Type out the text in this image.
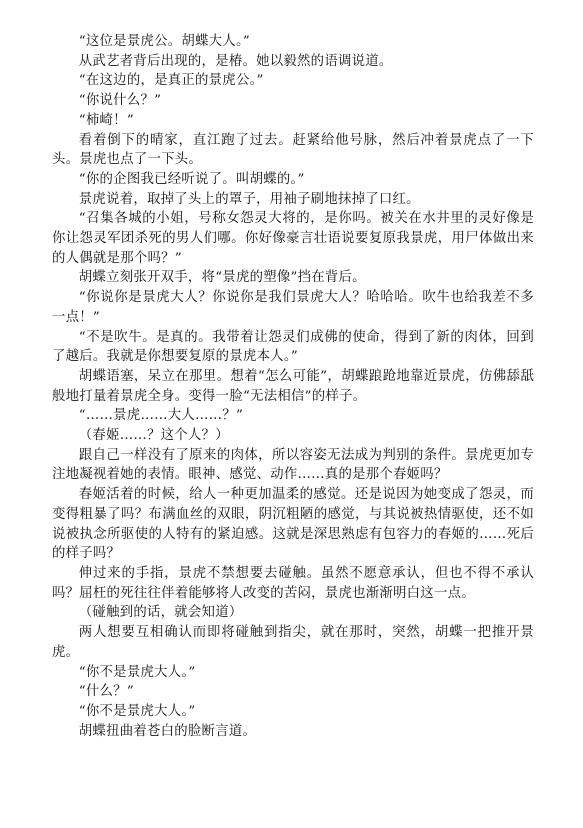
“这位是景虎公。胡蝶大人。”

从武艺者背后出现的，是椿。她以毅然的语调说道。

“在这边的，是真正的景虎公。”

“你说什么？”

“柿崎！”

看着倒下的晴家，直江跑了过去。赶紧给他号脉，然后冲着景虎点了一下头。景虎也点了一下头。

“你的企图我已经听说了。叫胡蝶的。”

景虎说着，取掉了头上的罩子，用袖子刷地抹掉了口红。

“召集各城的小姐，号称女怨灵大将的，是你吗。被关在水井里的灵好像是你让怨灵军团杀死的男人们哪。你好像豪言壮语说要复原我景虎，用尸体做出来的人偶就是那个吗？”

胡蝶立刻张开双手，将“景虎的塑像”挡在背后。

“你说你是景虎大人？你说你是我们景虎大人？哈哈哈。吹牛也给我差不多一点！”

“不是吹牛。是真的。我带着让怨灵们成佛的使命，得到了新的肉体，回到　了越后。我就是你想要复原的景虎本人。”

胡蝶语塞，呆立在那里。想着“怎么可能”，胡蝶踉跄地靠近景虎，仿佛舔舐般地打量着景虎全身。变得一脸“无法相信”的样子。

“……景虎……大人……？”

（春姬……？这个人？）

跟自己一样没有了原来的肉体，所以容姿无法成为判别的条件。景虎更加专注地凝视着她的表情。眼神、感觉、动作……真的是那个春姬吗？

春姬活着的时候，给人一种更加温柔的感觉。还是说因为她变成了怨灵，而变得粗暴了吗？布满血丝的双眼，阴沉粗陋的感觉，与其说被热情驱使，还不如说被执念所驱使的人特有的紧迫感。这就是深思熟虑有包容力的春姬的……死后的样子吗？

伸过来的手指，景虎不禁想要去碰触。虽然不愿意承认，但也不得不承认吗？屈枉的死往往伴着能够将人改变的苦闷，景虎也渐渐明白这一点。

（碰触到的话，就会知道）

两人想要互相确认而即将碰触到指尖，就在那时，突然，胡蝶一把推开景虎。

“你不是景虎大人。”

“什么？”

“你不是景虎大人。”

胡蝶扭曲着苍白的脸断言道。
